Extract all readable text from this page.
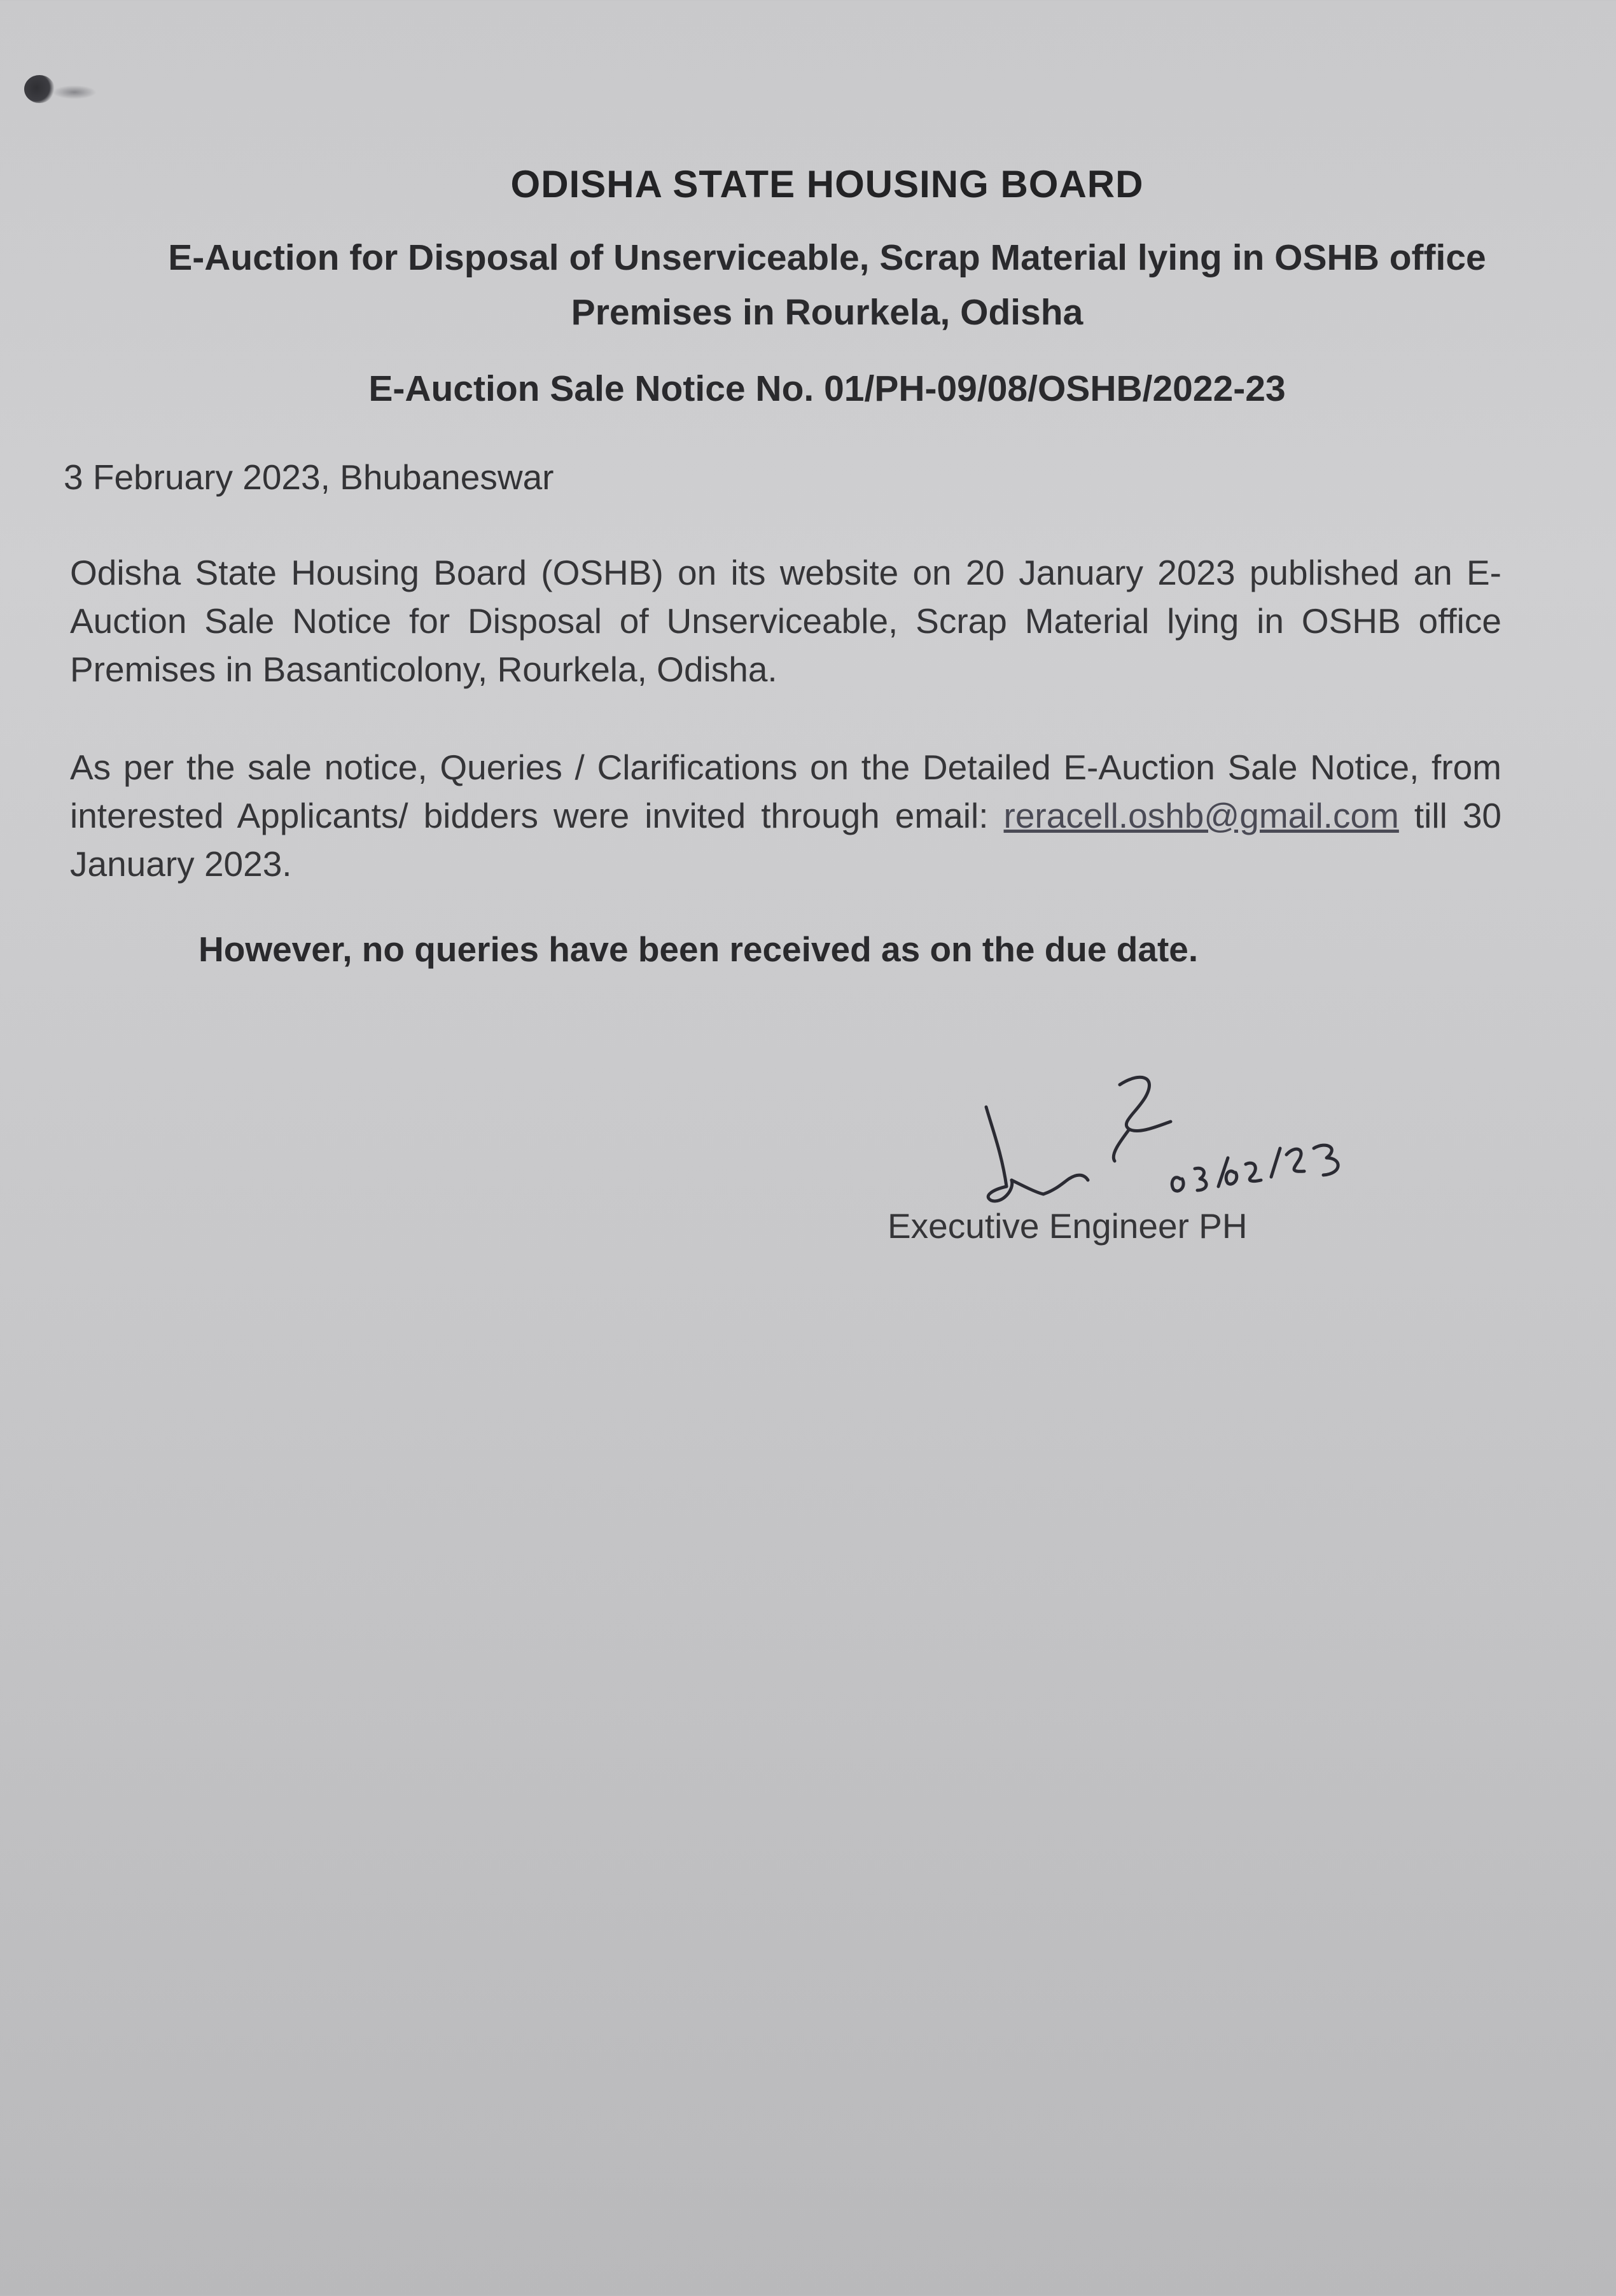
ODISHA STATE HOUSING BOARD
E-Auction for Disposal of Unserviceable, Scrap Material lying in OSHB office
Premises in Rourkela, Odisha
E-Auction Sale Notice No. 01/PH-09/08/OSHB/2022-23
3 February 2023, Bhubaneswar
Odisha State Housing Board (OSHB) on its website on 20 January 2023 published an E-Auction Sale Notice for Disposal of Unserviceable, Scrap Material lying in OSHB office Premises in Basanticolony, Rourkela, Odisha.
As per the sale notice, Queries / Clarifications on the Detailed E-Auction Sale Notice, from interested Applicants/ bidders were invited through email: reracell.oshb@gmail.com till 30 January 2023.
However, no queries have been received as on the due date.
Executive Engineer PH
